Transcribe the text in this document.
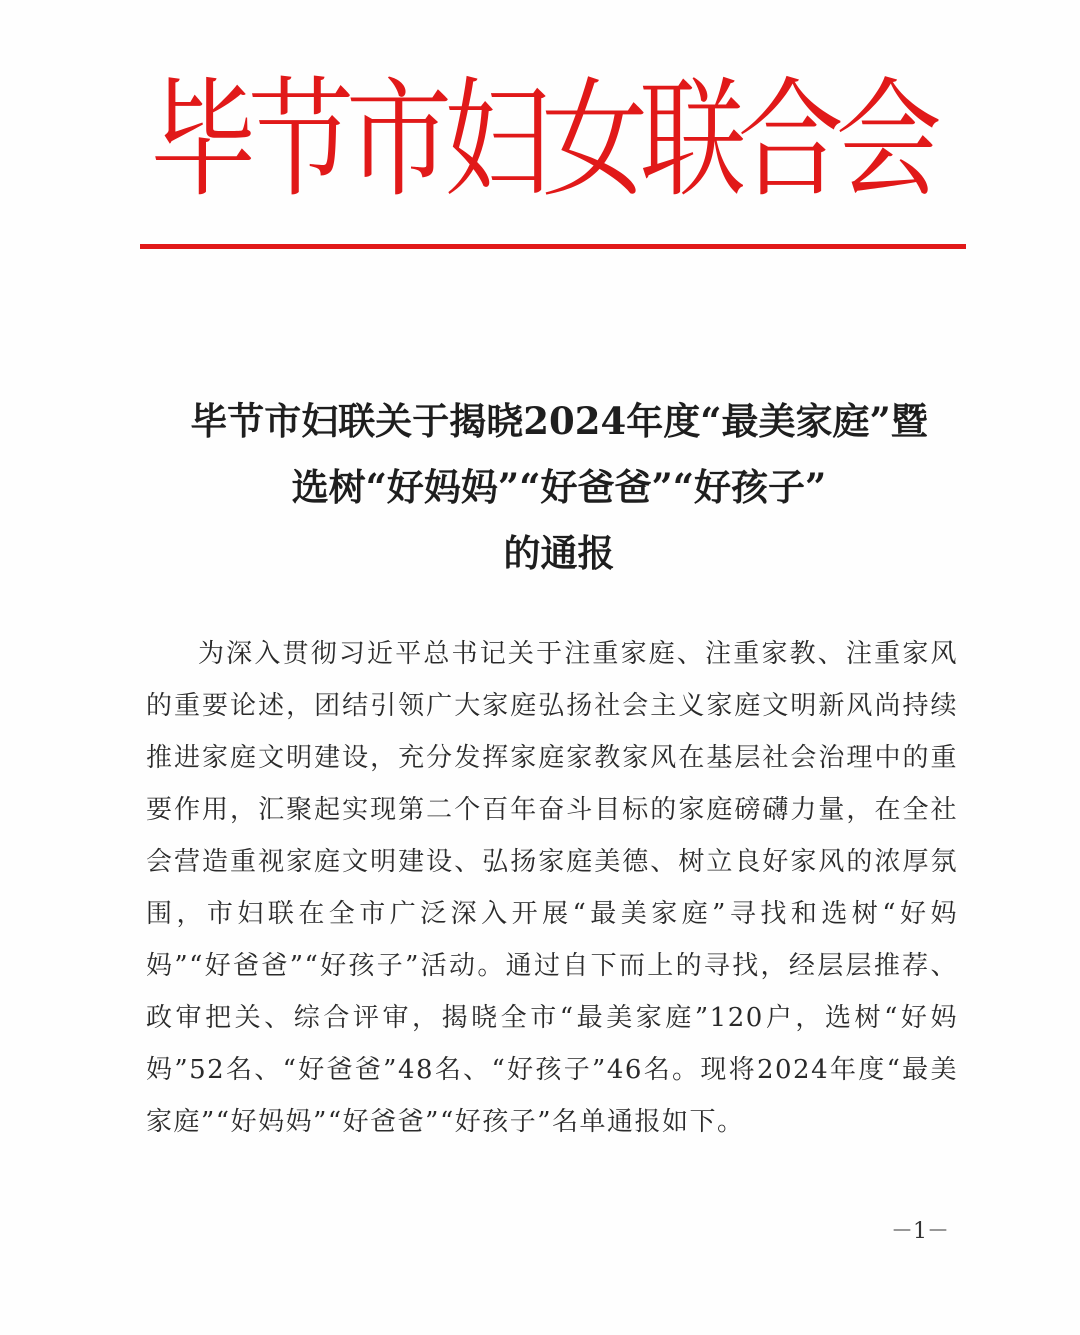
毕节市妇女联合会
毕节市妇联关于揭晓2024年度“最美家庭”暨
选树“好妈妈”“好爸爸”“好孩子”
的通报
为深入贯彻习近平总书记关于注重家庭、注重家教、注重家风的重要论述，团结引领广大家庭弘扬社会主义家庭文明新风尚持续推进家庭文明建设，充分发挥家庭家教家风在基层社会治理中的重要作用，汇聚起实现第二个百年奋斗目标的家庭磅礴力量，在全社会营造重视家庭文明建设、弘扬家庭美德、树立良好家风的浓厚氛围，市妇联在全市广泛深入开展“最美家庭”寻找和选树“好妈妈”“好爸爸”“好孩子”活动。通过自下而上的寻找，经层层推荐、政审把关、综合评审，揭晓全市“最美家庭”120户，选树“好妈妈”52名、“好爸爸”48名、“好孩子”46名。现将2024年度“最美家庭”“好妈妈”“好爸爸”“好孩子”名单通报如下。
－1－
